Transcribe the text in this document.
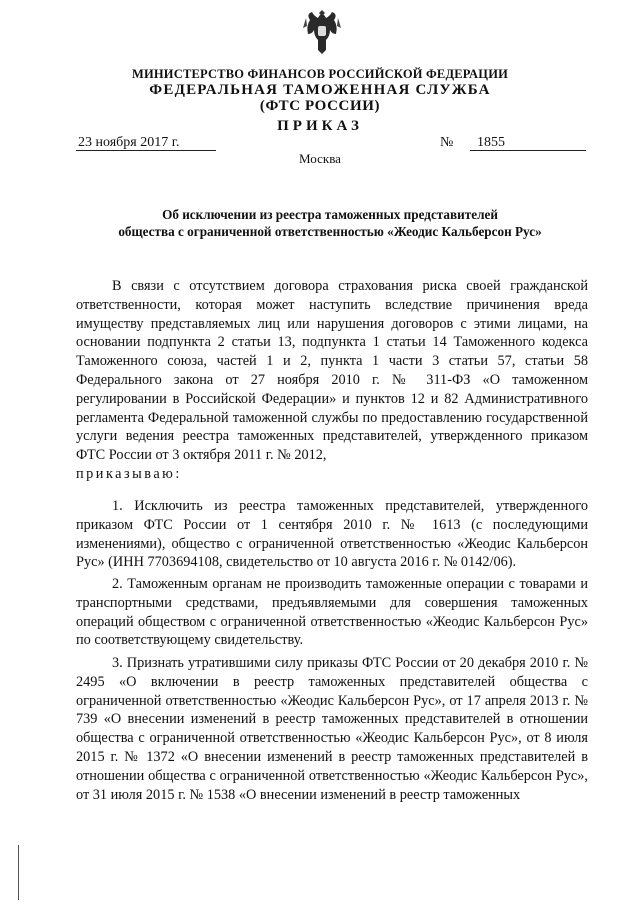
МИНИСТЕРСТВО ФИНАНСОВ РОССИЙСКОЙ ФЕДЕРАЦИИ
ФЕДЕРАЛЬНАЯ ТАМОЖЕННАЯ СЛУЖБА
(ФТС РОССИИ)
ПРИКАЗ
23 ноября 2017 г.	№ 1855
Москва
Об исключении из реестра таможенных представителей
общества с ограниченной ответственностью «Жеодис Кальберсон Рус»

В связи с отсутствием договора страхования риска своей гражданской ответственности, которая может наступить вследствие причинения вреда имуществу представляемых лиц или нарушения договоров с этими лицами, на основании подпункта 2 статьи 13, подпункта 1 статьи 14 Таможенного кодекса Таможенного союза, частей 1 и 2, пункта 1 части 3 статьи 57, статьи 58 Федерального закона от 27 ноября 2010 г. № 311-ФЗ «О таможенном регулировании в Российской Федерации» и пунктов 12 и 82 Административного регламента Федеральной таможенной службы по предоставлению государственной услуги ведения реестра таможенных представителей, утвержденного приказом ФТС России от 3 октября 2011 г. № 2012,
приказываю:

1. Исключить из реестра таможенных представителей, утвержденного приказом ФТС России от 1 сентября 2010 г. № 1613 (с последующими изменениями), общество с ограниченной ответственностью «Жеодис Кальберсон Рус» (ИНН 7703694108, свидетельство от 10 августа 2016 г. № 0142/06).

2. Таможенным органам не производить таможенные операции с товарами и транспортными средствами, предъявляемыми для совершения таможенных операций обществом с ограниченной ответственностью «Жеодис Кальберсон Рус» по соответствующему свидетельству.

3. Признать утратившими силу приказы ФТС России от 20 декабря 2010 г. № 2495 «О включении в реестр таможенных представителей общества с ограниченной ответственностью «Жеодис Кальберсон Рус», от 17 апреля 2013 г. № 739 «О внесении изменений в реестр таможенных представителей в отношении общества с ограниченной ответственностью «Жеодис Кальберсон Рус», от 8 июля 2015 г. № 1372 «О внесении изменений в реестр таможенных представителей в отношении общества с ограниченной ответственностью «Жеодис Кальберсон Рус», от 31 июля 2015 г. № 1538 «О внесении изменений в реестр таможенных
